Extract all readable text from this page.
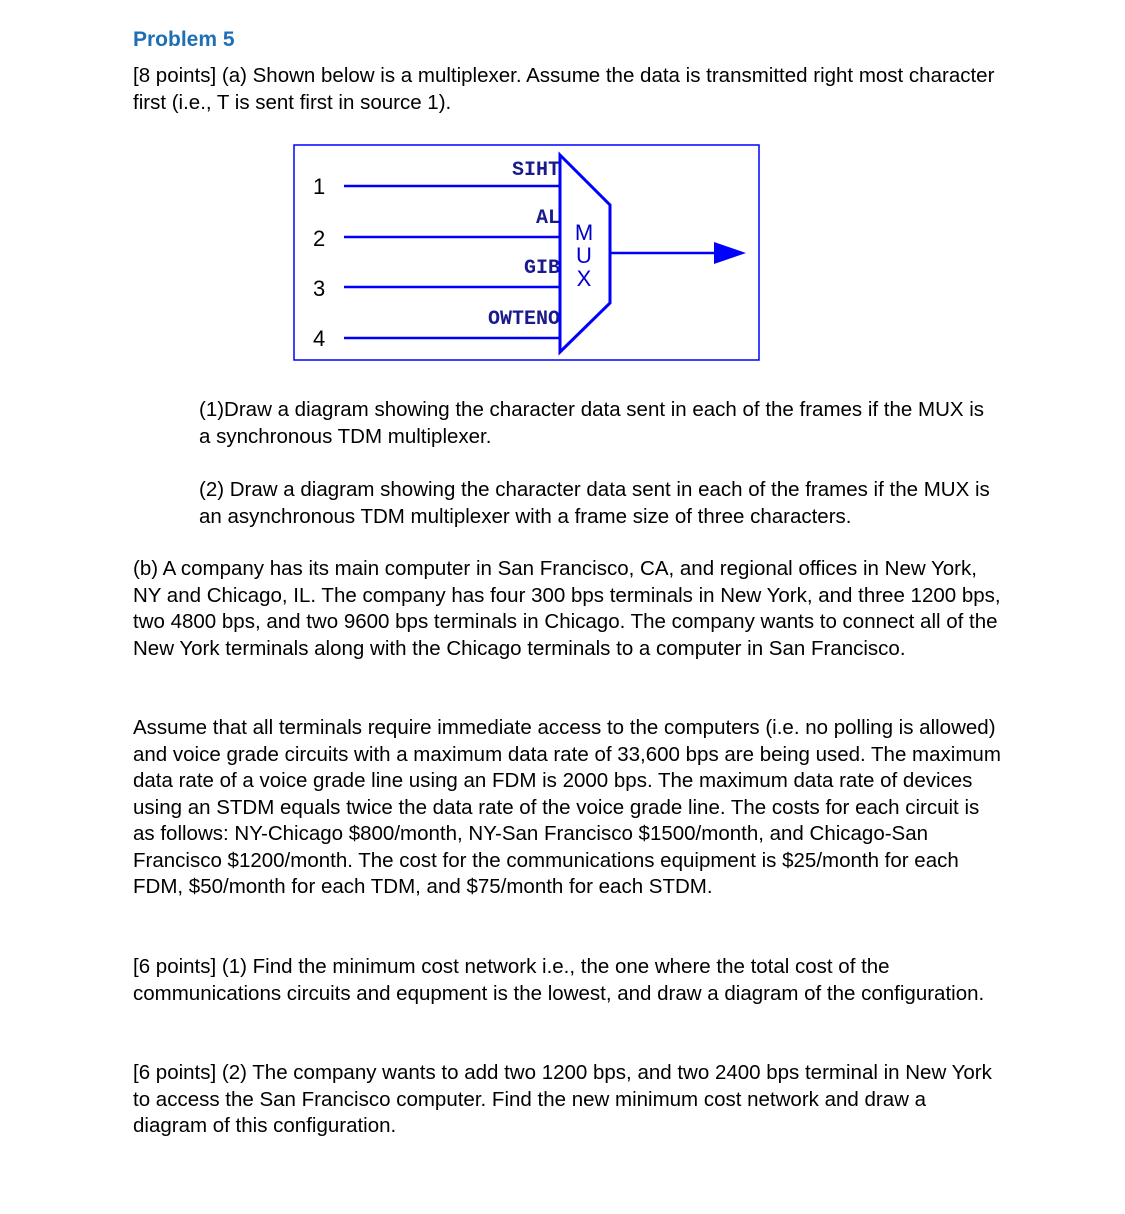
Problem 5

[8 points] (a) Shown below is a multiplexer. Assume the data is transmitted right most character first (i.e., T is sent first in source 1).

1
2
3
4
SIHT
AL
GIB
OWTENO
M
U
X

(1)Draw a diagram showing the character data sent in each of the frames if the MUX is a synchronous TDM multiplexer.

(2) Draw a diagram showing the character data sent in each of the frames if the MUX is an asynchronous TDM multiplexer with a frame size of three characters.

(b) A company has its main computer in San Francisco, CA, and regional offices in New York, NY and Chicago, IL. The company has four 300 bps terminals in New York, and three 1200 bps, two 4800 bps, and two 9600 bps terminals in Chicago. The company wants to connect all of the New York terminals along with the Chicago terminals to a computer in San Francisco.

Assume that all terminals require immediate access to the computers (i.e. no polling is allowed) and voice grade circuits with a maximum data rate of 33,600 bps are being used. The maximum data rate of a voice grade line using an FDM is 2000 bps. The maximum data rate of devices using an STDM equals twice the data rate of the voice grade line. The costs for each circuit is as follows: NY-Chicago $800/month, NY-San Francisco $1500/month, and Chicago-San Francisco $1200/month. The cost for the communications equipment is $25/month for each FDM, $50/month for each TDM, and $75/month for each STDM.

[6 points] (1) Find the minimum cost network i.e., the one where the total cost of the communications circuits and equpment is the lowest, and draw a diagram of the configuration.

[6 points] (2) The company wants to add two 1200 bps, and two 2400 bps terminal in New York to access the San Francisco computer. Find the new minimum cost network and draw a diagram of this configuration.
